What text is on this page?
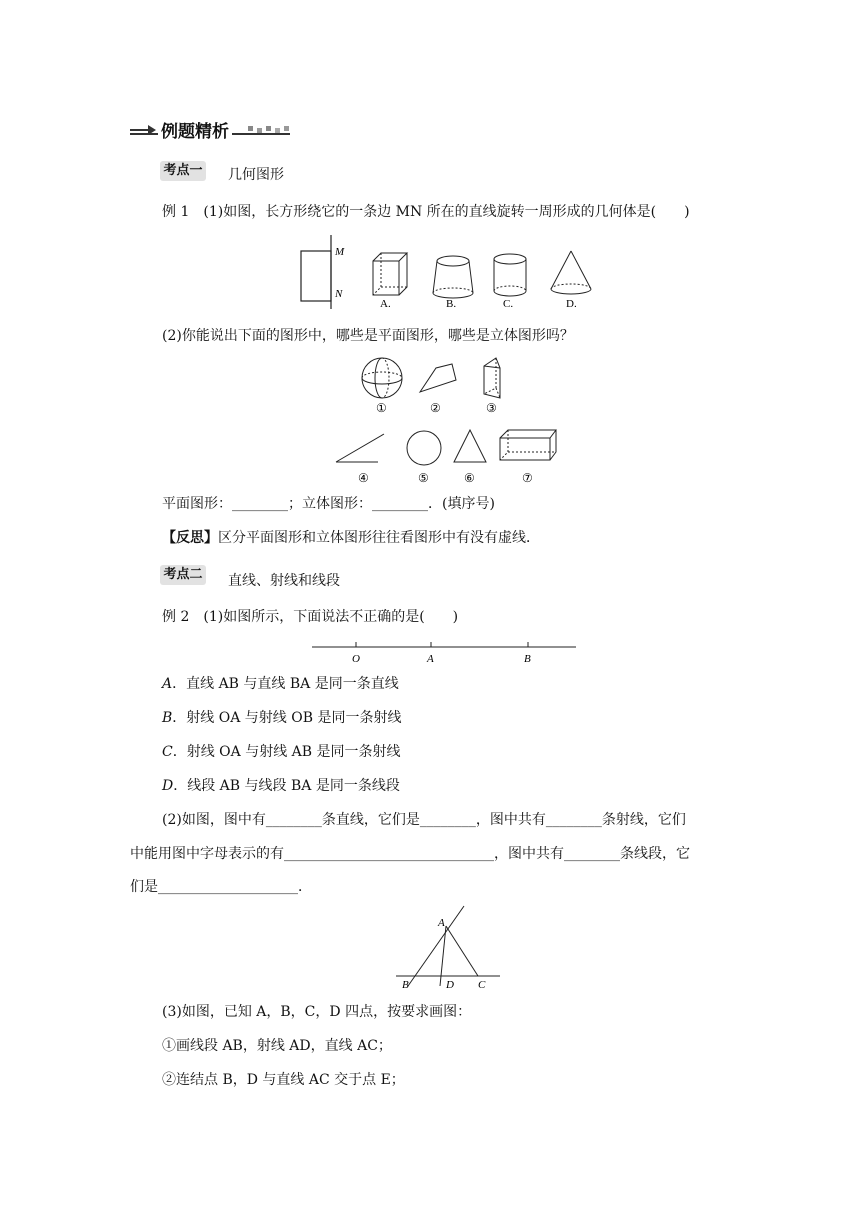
例题精析
考点一 几何图形
例 1　(1)如图，长方形绕它的一条边 MN 所在的直线旋转一周形成的几何体是(　　)
M
N
A.	B.	C.	D.
(2)你能说出下面的图形中，哪些是平面图形，哪些是立体图形吗？
①	②	③
④	⑤	⑥	⑦
平面图形：________；立体图形：________．(填序号)
【反思】区分平面图形和立体图形往往看图形中有没有虚线．
考点二 直线、射线和线段
例 2　(1)如图所示，下面说法不正确的是(　　)
O	A	B
A．直线 AB 与直线 BA 是同一条直线
B．射线 OA 与射线 OB 是同一条射线
C．射线 OA 与射线 AB 是同一条射线
D．线段 AB 与线段 BA 是同一条线段
(2)如图，图中有________条直线，它们是________，图中共有________条射线，它们
中能用图中字母表示的有______________________________，图中共有________条线段，它
们是____________________．
A
B	D C
(3)如图，已知 A，B，C，D 四点，按要求画图：
①画线段 AB，射线 AD，直线 AC；
②连结点 B，D 与直线 AC 交于点 E；
